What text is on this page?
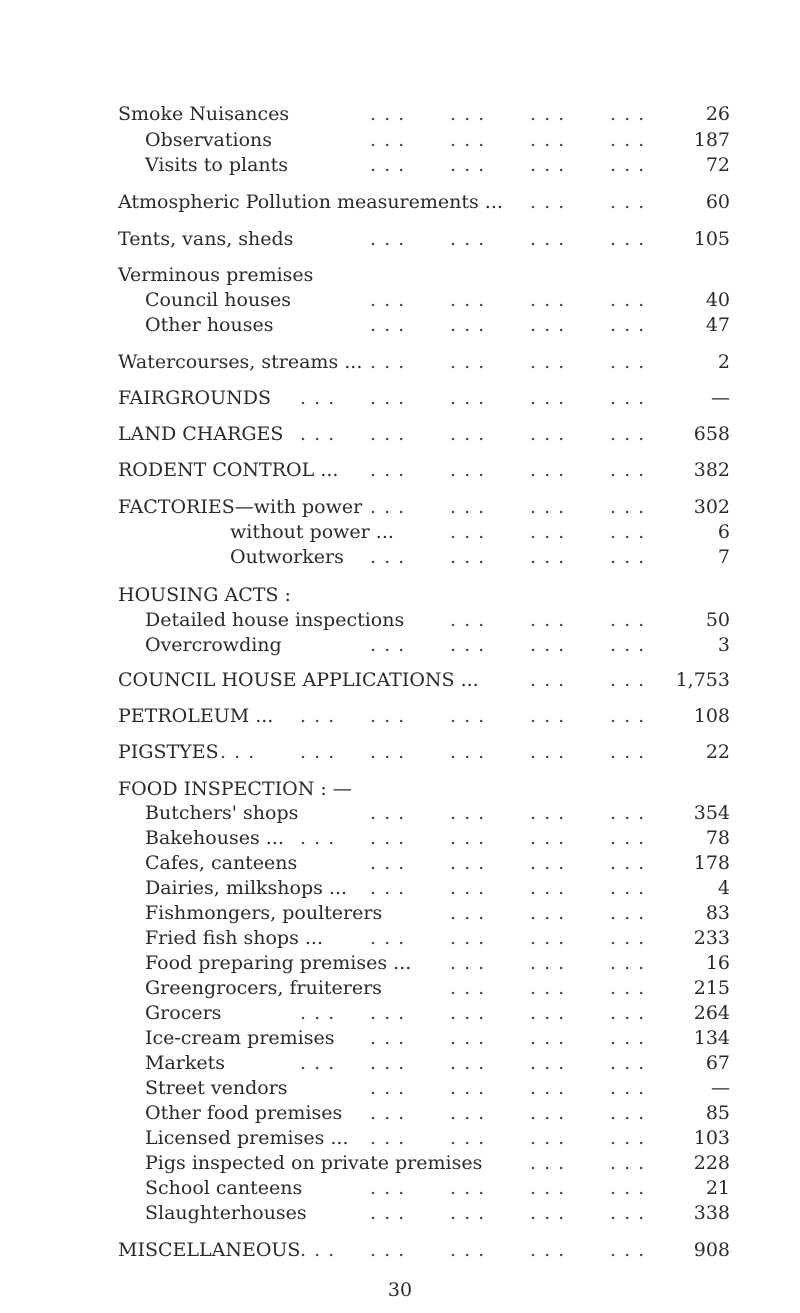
Smoke Nuisances	. . . . . . . . . . . .	26
Observations	. . . . . . . . . . . .	187
Visits to plants	. . . . . . . . . . . .	72
Atmospheric Pollution measurements ... . . . . . .	60
Tents, vans, sheds	. . . . . . . . . . . .	105
Verminous premises
Council houses	. . . . . . . . . . . .	40
Other houses	. . . . . . . . . . . .	47
Watercourses, streams ... . . . . . . . . . . . .	2
FAIRGROUNDS . . . . . . . . . . . . . . .	—
LAND CHARGES . . . . . . . . . . . . . . .	658
RODENT CONTROL ... . . . . . . . . . . . .	382
FACTORIES—with power . . . . . . . . . . . .	302
without power ...	. . . . . . . . .	6
Outworkers . . . . . . . . . . . .	7
HOUSING ACTS :
Detailed house inspections . . . . . . . . .	50
Overcrowding	. . . . . . . . . . . .	3
COUNCIL HOUSE APPLICATIONS ...	. . . . . . 1,753
PETROLEUM ... . . . . . . . . . . . . . . .	108
PIGSTYES . . . . . . . . . . . . . . . . . .	22
FOOD INSPECTION : —
Butchers' shops	. . . . . . . . . . . .	354
Bakehouses ... . . . . . . . . . . . . . . .	78
Cafes, canteens	. . . . . . . . . . . .	178
Dairies, milkshops ... . . . . . . . . . . . .	4
Fishmongers, poulterers	. . . . . . . . .	83
Fried fish shops ... . . . . . . . . . . . .	233
Food preparing premises ... . . . . . . . . .	16
Greengrocers, fruiterers	. . . . . . . . .	215
Grocers	. . . . . . . . . . . . . . .	264
Ice-cream premises . . . . . . . . . . . .	134
Markets	. . . . . . . . . . . . . . .	67
Street vendors	. . . . . . . . . . . .	—
Other food premises . . . . . . . . . . . .	85
Licensed premises ... . . . . . . . . . . . .	103
Pigs inspected on private premises	. . . . . .	228
School canteens	. . . . . . . . . . . .	21
Slaughterhouses	. . . . . . . . . . . .	338
MISCELLANEOUS . . . . . . . . . . . . . . .	908
30
